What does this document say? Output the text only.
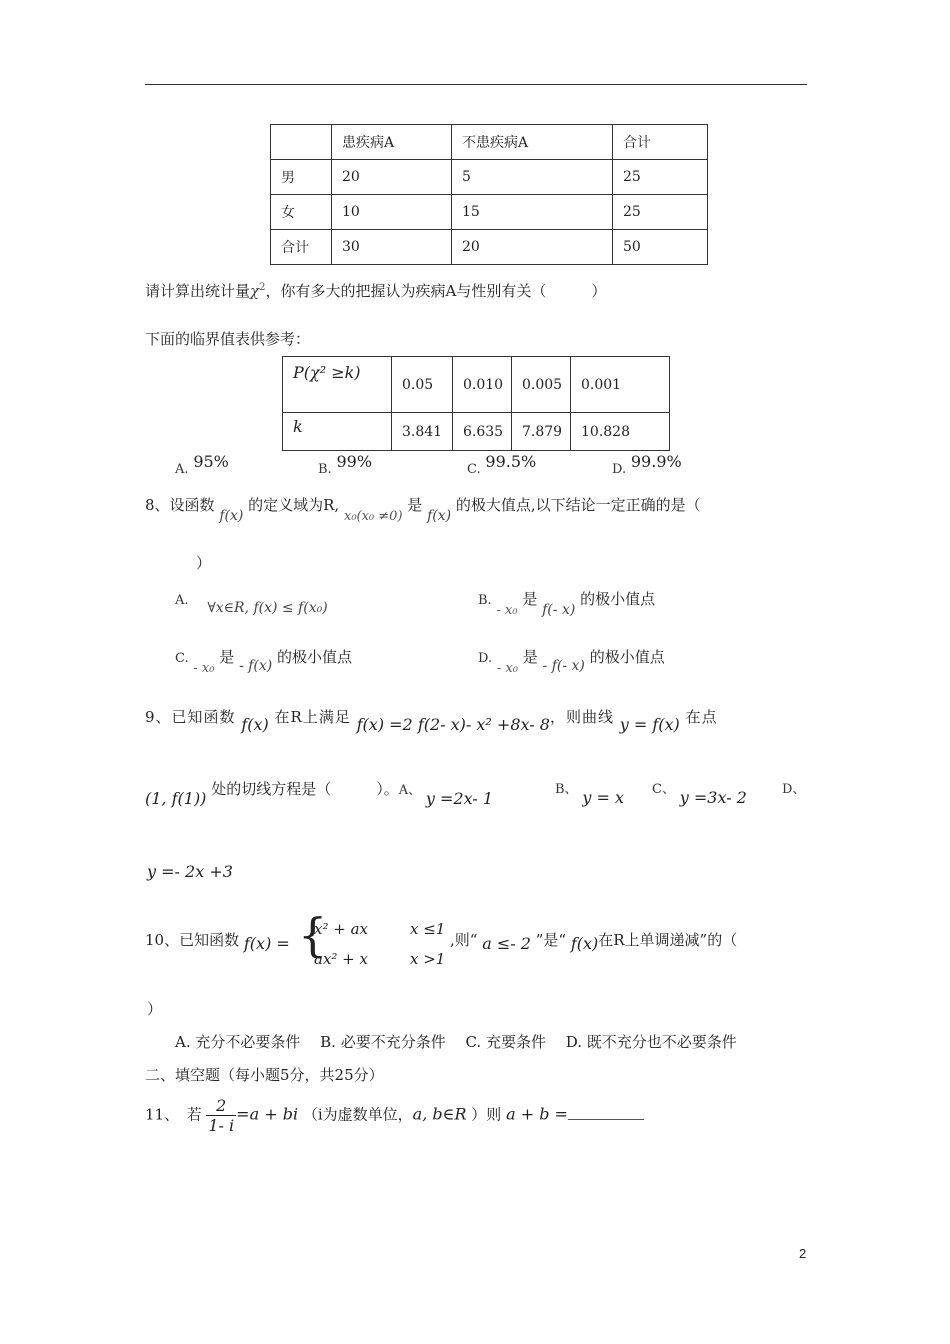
	患疾病A	不患疾病A	合计
男	20	5	25
女	10	15	25
合计	30	20	50
请计算出统计量$\chi^2$，你有多大的把握认为疾病A与性别有关（　　　）
下面的临界值表供参考：
P(χ² ≥k)	0.05	0.010	0.005	0.001
k	3.841	6.635	7.879	10.828
A. 95%	B. 99%	C. 99.5%	D. 99.9%
8、设函数 f(x) 的定义域为R, x₀(x₀ ≠0) 是 f(x) 的极大值点,以下结论一定正确的是（
）
A. ∀x∈R, f(x) ≤ f(x₀)	B. - x₀ 是 f(- x) 的极小值点
C. - x₀ 是 - f(x) 的极小值点	D. - x₀ 是 - f(- x) 的极小值点
9、已知函数 f(x) 在R上满足 f(x) =2 f(2- x)- x² +8x- 8，则曲线 y = f(x) 在点
(1, f(1)) 处的切线方程是（　　　）。A、 y =2x- 1	B、 y = x C、 y =3x- 2	D、
y =- 2x +3
10、已知函数 f(x) = {
x² + ax	x ≤1
ax² + x	x >1
,则“ a ≤- 2 ”是“ f(x)在R上单调递减”的（
）
A. 充分不必要条件　 B. 必要不充分条件　 C. 充要条件　 D. 既不充分也不必要条件
二、填空题（每小题5分，共25分）
11、　若 $\frac{2}{1- i} =a$ + bi （i为虚数单位，a, b∈R ）则 a + b =
2
